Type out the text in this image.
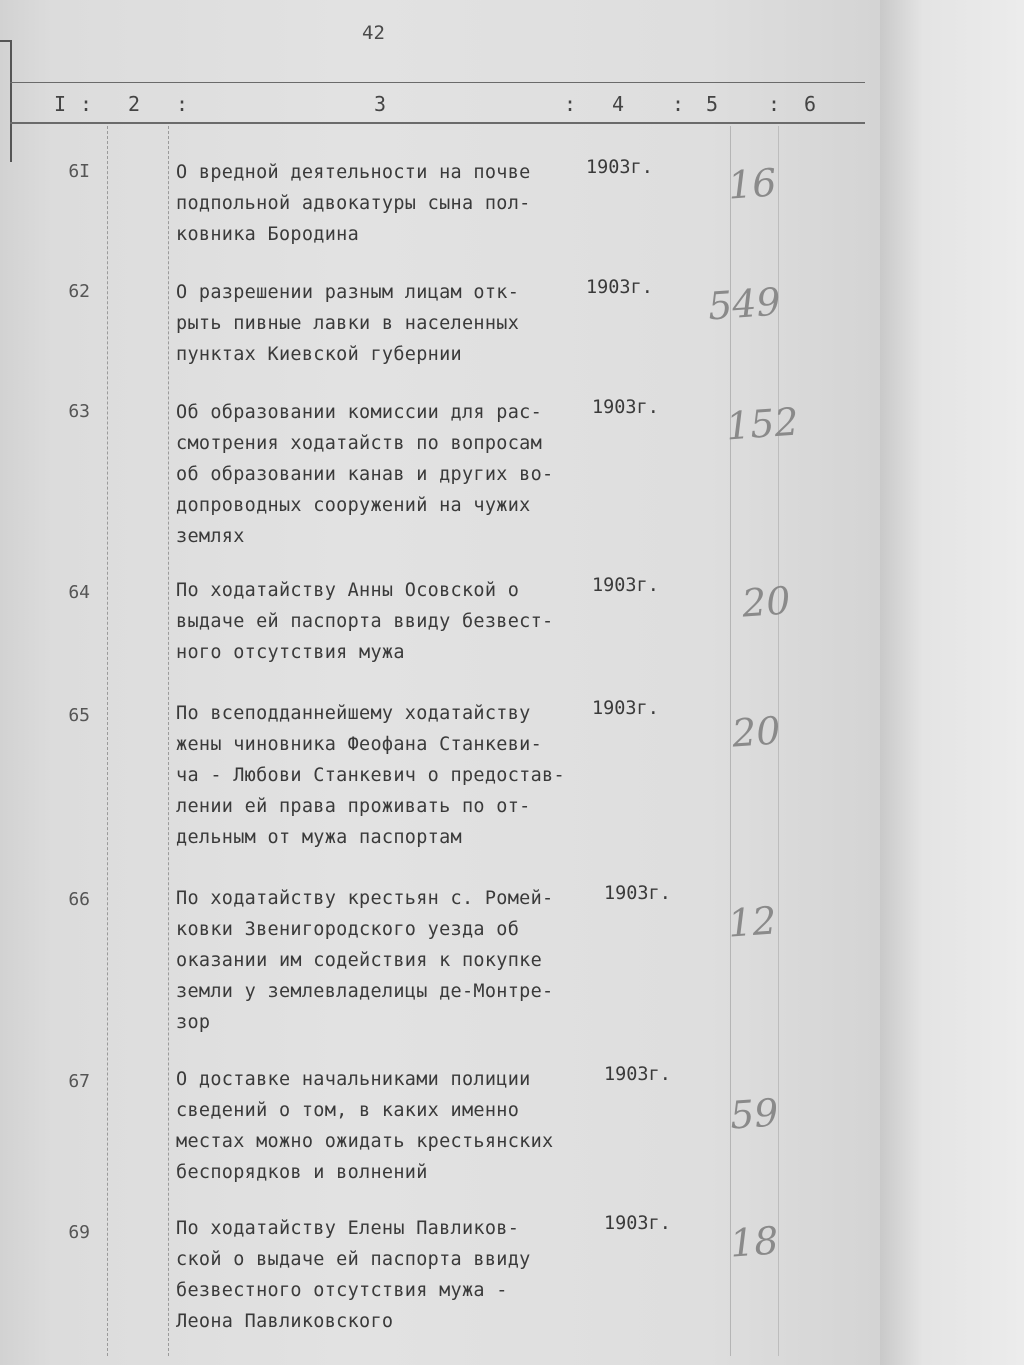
42
I : 2 :	3	: 4 : 5 : 6
6I	О вредной деятельности на почве
подпольной адвокатуры сына пол-
ковника Бородина
1903г. 16
62	О разрешении разным лицам отк-
рыть пивные лавки в населенных
пунктах Киевской губернии
1903г. 549
63	Об образовании комиссии для рас-
смотрения ходатайств по вопросам
об образовании канав и других во-
допроводных сооружений на чужих
землях
1903г. 152
64	По ходатайству Анны Осовской о
выдаче ей паспорта ввиду безвест-
ного отсутствия мужа
1903г. 20
65	По всеподданнейшему ходатайству
жены чиновника Феофана Станкеви-
ча - Любови Станкевич о предостав-
лении ей права проживать по от-
дельным от мужа паспортам
1903г. 20
66	По ходатайству крестьян с. Ромей-
ковки Звенигородского уезда об
оказании им содействия к покупке
земли у землевладелицы де-Монтре-
зор
1903г.
12
67	О доставке начальниками полиции
сведений о том, в каких именно
местах можно ожидать крестьянских
беспорядков и волнений
1903г.
59
69	По ходатайству Елены Павликов-
ской о выдаче ей паспорта ввиду
безвестного отсутствия мужа -
Леона Павликовского
1903г. 18
